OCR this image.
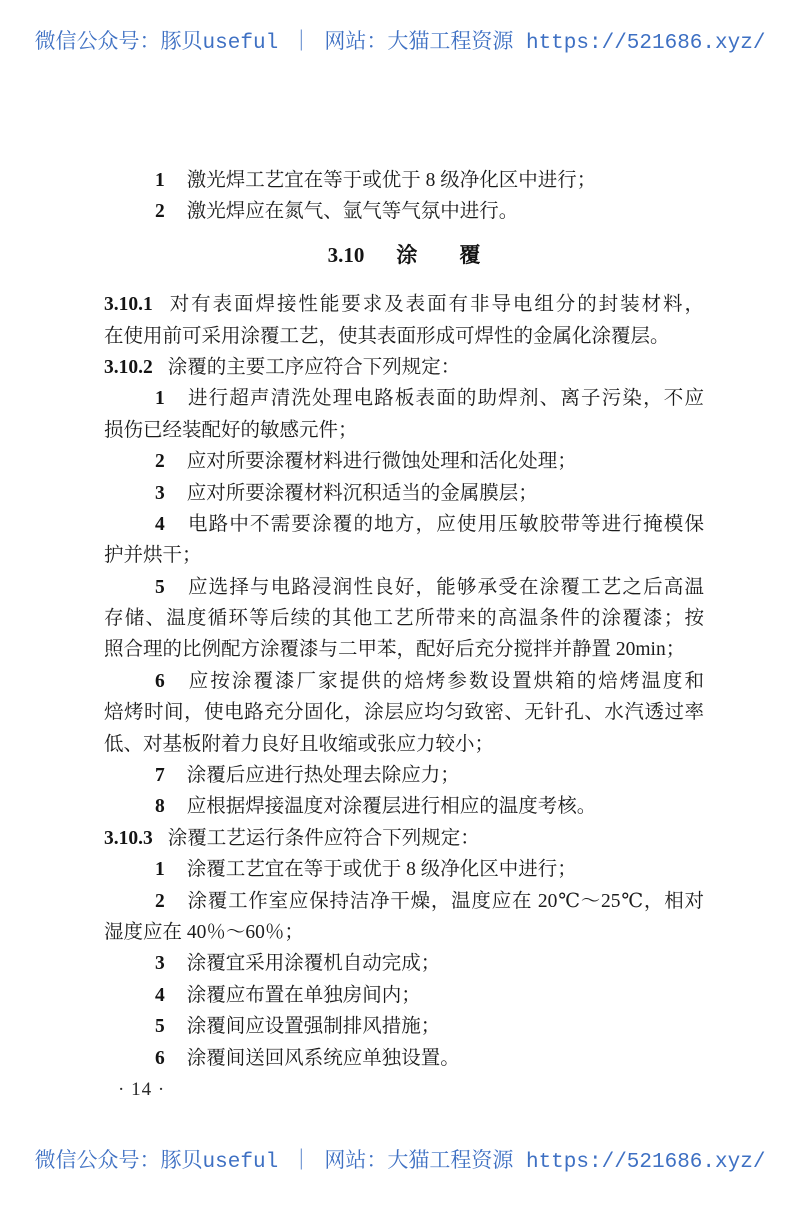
微信公众号：豚贝useful ｜ 网站：大猫工程资源 https://521686.xyz/
1 激光焊工艺宜在等于或优于 8 级净化区中进行；
2 激光焊应在氮气、氩气等气氛中进行。
3.10 涂　　覆
3.10.1 对有表面焊接性能要求及表面有非导电组分的封装材料，
在使用前可采用涂覆工艺，使其表面形成可焊性的金属化涂覆层。
3.10.2 涂覆的主要工序应符合下列规定：
1 进行超声清洗处理电路板表面的助焊剂、离子污染，不应
损伤已经装配好的敏感元件；
2 应对所要涂覆材料进行微蚀处理和活化处理；
3 应对所要涂覆材料沉积适当的金属膜层；
4 电路中不需要涂覆的地方，应使用压敏胶带等进行掩模保
护并烘干；
5 应选择与电路浸润性良好，能够承受在涂覆工艺之后高温
存储、温度循环等后续的其他工艺所带来的高温条件的涂覆漆；按
照合理的比例配方涂覆漆与二甲苯，配好后充分搅拌并静置 20min；
6 应按涂覆漆厂家提供的焙烤参数设置烘箱的焙烤温度和
焙烤时间，使电路充分固化，涂层应均匀致密、无针孔、水汽透过率
低、对基板附着力良好且收缩或张应力较小；
7 涂覆后应进行热处理去除应力；
8 应根据焊接温度对涂覆层进行相应的温度考核。
3.10.3 涂覆工艺运行条件应符合下列规定：
1 涂覆工艺宜在等于或优于 8 级净化区中进行；
2 涂覆工作室应保持洁净干燥，温度应在 20℃～25℃，相对
湿度应在 40％～60％；
3 涂覆宜采用涂覆机自动完成；
4 涂覆应布置在单独房间内；
5 涂覆间应设置强制排风措施；
6 涂覆间送回风系统应单独设置。
· 14 ·
微信公众号：豚贝useful ｜ 网站：大猫工程资源 https://521686.xyz/
